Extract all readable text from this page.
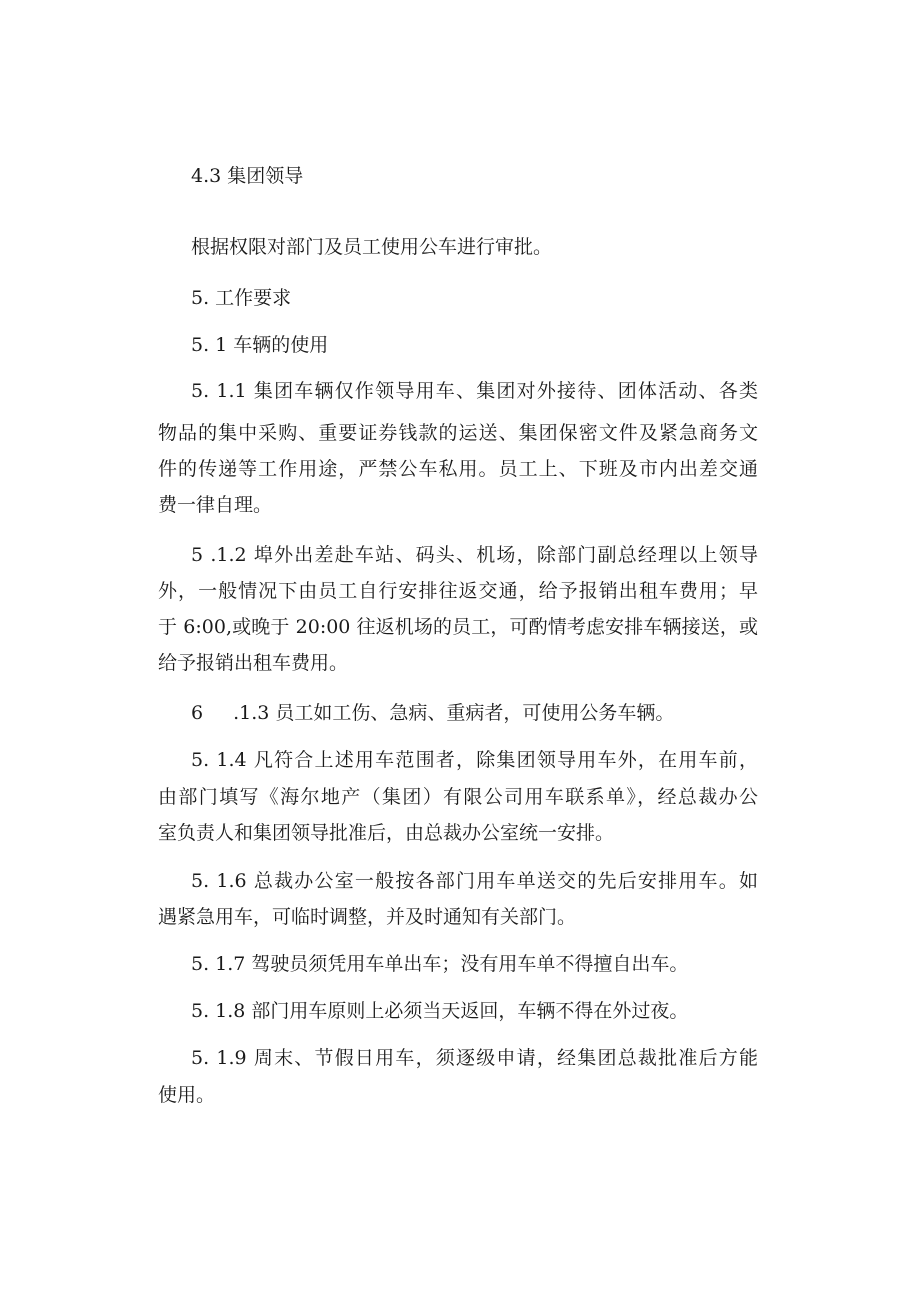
4.3 集团领导
根据权限对部门及员工使用公车进行审批。
5. 工作要求
5. 1 车辆的使用
5. 1.1 集团车辆仅作领导用车、集团对外接待、团体活动、各类
物品的集中采购、重要证券钱款的运送、集团保密文件及紧急商务文
件的传递等工作用途，严禁公车私用。员工上、下班及市内出差交通
费一律自理。
5 .1.2 埠外出差赴车站、码头、机场，除部门副总经理以上领导
外，一般情况下由员工自行安排往返交通，给予报销出租车费用；早
于 6:00,或晚于 20:00 往返机场的员工，可酌情考虑安排车辆接送，或
给予报销出租车费用。
6 .1.3 员工如工伤、急病、重病者，可使用公务车辆。
5. 1.4 凡符合上述用车范围者，除集团领导用车外，在用车前，
由部门填写《海尔地产（集团）有限公司用车联系单》，经总裁办公
室负责人和集团领导批准后，由总裁办公室统一安排。
5. 1.6 总裁办公室一般按各部门用车单送交的先后安排用车。如
遇紧急用车，可临时调整，并及时通知有关部门。
5. 1.7 驾驶员须凭用车单出车；没有用车单不得擅自出车。
5. 1.8 部门用车原则上必须当天返回，车辆不得在外过夜。
5. 1.9 周末、节假日用车，须逐级申请，经集团总裁批准后方能
使用。
